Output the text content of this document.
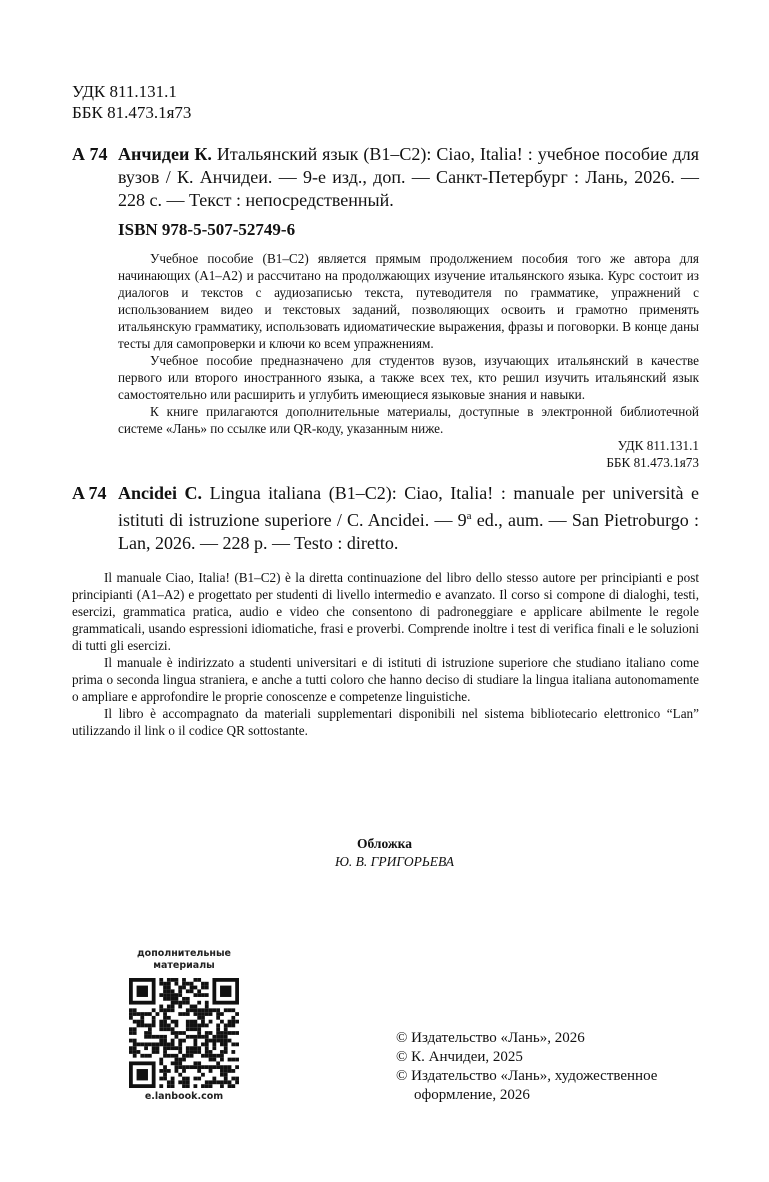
УДК 811.131.1
ББК 81.473.1я73
А 74 Анчидеи К. Итальянский язык (B1–C2): Ciao, Italia! : учебное пособие для вузов / К. Анчидеи. — 9-е изд., доп. — Санкт-Петербург : Лань, 2026. — 228 с. — Текст : непосредственный.
ISBN 978-5-507-52749-6

Учебное пособие (B1–C2) является прямым продолжением пособия того же автора для начинающих (A1–A2) и рассчитано на продолжающих изучение итальянского языка. Курс состоит из диалогов и текстов с аудиозаписью текста, путеводителя по грамматике, упражнений с использованием видео и текстовых заданий, позволяющих освоить и грамотно применять итальянскую грамматику, использовать идиоматические выражения, фразы и поговорки. В конце даны тесты для самопроверки и ключи ко всем упражнениям.

Учебное пособие предназначено для студентов вузов, изучающих итальянский в качестве первого или второго иностранного языка, а также всех тех, кто решил изучить итальянский язык самостоятельно или расширить и углубить имеющиеся языковые знания и навыки.

К книге прилагаются дополнительные материалы, доступные в электронной библиотечной системе «Лань» по ссылке или QR-коду, указанным ниже.

УДК 811.131.1
ББК 81.473.1я73
A 74 Ancidei C. Lingua italiana (B1–C2): Ciao, Italia! : manuale per università e istituti di istruzione superiore / C. Ancidei. — 9$^a$ ed., aum. — San Pietroburgo : Lan, 2026. — 228 p. — Testo : diretto.

Il manuale Ciao, Italia! (B1–C2) è la diretta continuazione del libro dello stesso autore per principianti e post principianti (A1–A2) e progettato per studenti di livello intermedio e avanzato. Il corso si compone di dialoghi, testi, esercizi, grammatica pratica, audio e video che consentono di padroneggiare e applicare abilmente le regole grammaticali, usando espressioni idiomatiche, frasi e proverbi. Comprende inoltre i test di verifica finali e le soluzioni di tutti gli esercizi.

Il manuale è indirizzato a studenti universitari e di istituti di istruzione superiore che studiano italiano come prima o seconda lingua straniera, e anche a tutti coloro che hanno deciso di studiare la lingua italiana autonomamente o ampliare e approfondire le proprie conoscenze e competenze linguistiche.

Il libro è accompagnato da materiali supplementari disponibili nel sistema bibliotecario elettronico “Lan” utilizzando il link o il codice QR sottostante.

Обложка
Ю. В. ГРИГОРЬЕВА
дополнительные
материалы
e.lanbook.com
© Издательство «Лань», 2026
© К. Анчидеи, 2025
© Издательство «Лань», художественное оформление, 2026
